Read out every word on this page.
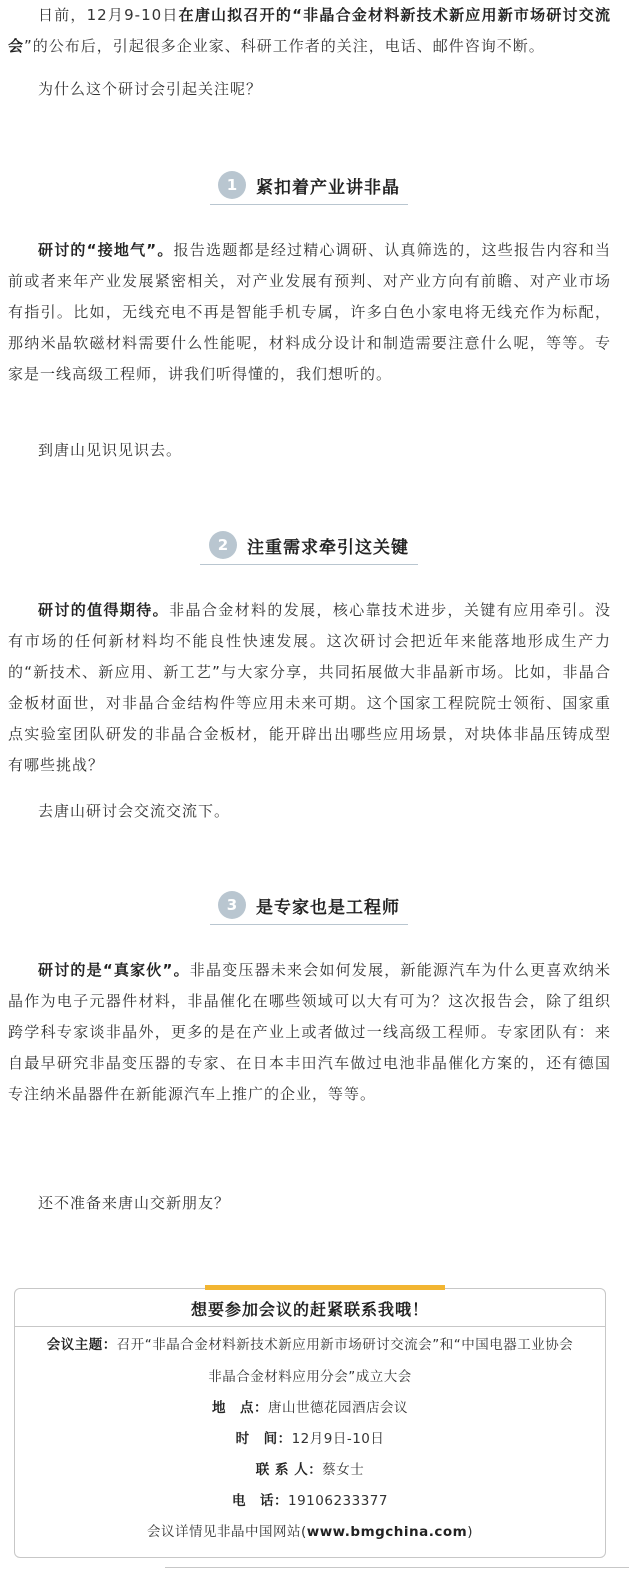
日前，12月9-10日在唐山拟召开的“非晶合金材料新技术新应用新市场研讨交流会”的公布后，引起很多企业家、科研工作者的关注，电话、邮件咨询不断。

为什么这个研讨会引起关注呢？

1	紧扣着产业讲非晶

研讨的“接地气”。报告选题都是经过精心调研、认真筛选的，这些报告内容和当前或者来年产业发展紧密相关，对产业发展有预判、对产业方向有前瞻、对产业市场有指引。比如，无线充电不再是智能手机专属，许多白色小家电将无线充作为标配，那纳米晶软磁材料需要什么性能呢，材料成分设计和制造需要注意什么呢，等等。专家是一线高级工程师，讲我们听得懂的，我们想听的。

到唐山见识见识去。

2	注重需求牵引这关键

研讨的值得期待。非晶合金材料的发展，核心靠技术进步，关键有应用牵引。没有市场的任何新材料均不能良性快速发展。这次研讨会把近年来能落地形成生产力的“新技术、新应用、新工艺”与大家分享，共同拓展做大非晶新市场。比如，非晶合金板材面世，对非晶合金结构件等应用未来可期。这个国家工程院院士领衔、国家重点实验室团队研发的非晶合金板材，能开辟出出哪些应用场景，对块体非晶压铸成型有哪些挑战？

去唐山研讨会交流交流下。

3	是专家也是工程师

研讨的是“真家伙”。非晶变压器未来会如何发展，新能源汽车为什么更喜欢纳米晶作为电子元器件材料，非晶催化在哪些领域可以大有可为？这次报告会，除了组织跨学科专家谈非晶外，更多的是在产业上或者做过一线高级工程师。专家团队有：来自最早研究非晶变压器的专家、在日本丰田汽车做过电池非晶催化方案的，还有德国专注纳米晶器件在新能源汽车上推广的企业，等等。

还不准备来唐山交新朋友？

想要参加会议的赶紧联系我哦！
会议主题：召开“非晶合金材料新技术新应用新市场研讨交流会”和“中国电器工业协会
非晶合金材料应用分会”成立大会
地　点：唐山世德花园酒店会议
时　间：12月9日-10日
联 系 人：蔡女士
电　话：19106233377
会议详情见非晶中国网站(www.bmgchina.com)
